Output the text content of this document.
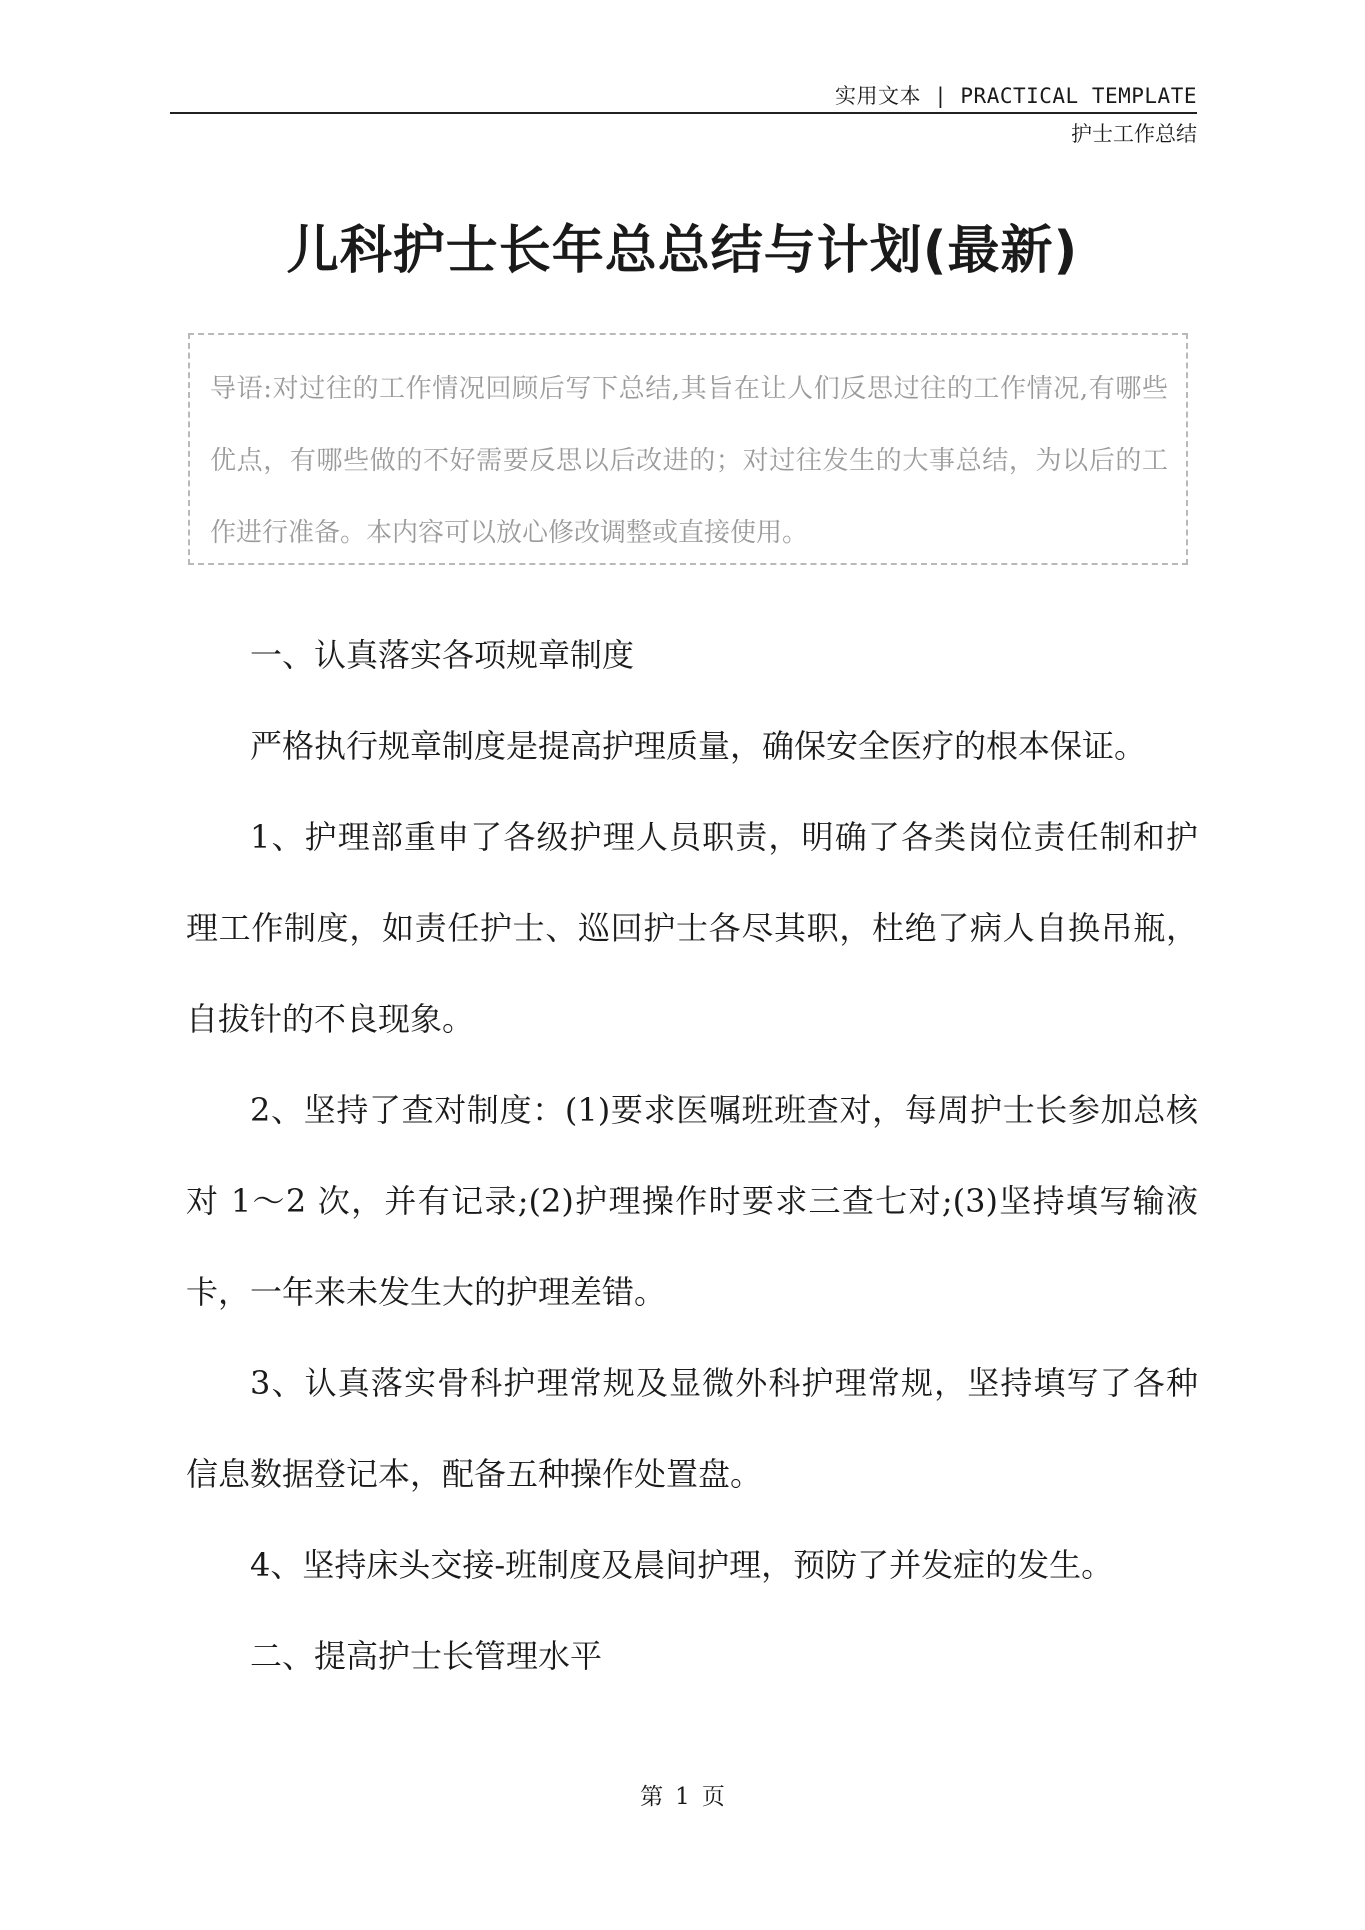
实用文本 | PRACTICAL TEMPLATE
护士工作总结
儿科护士长年总总结与计划(最新)
导语:对过往的工作情况回顾后写下总结,其旨在让人们反思过往的工作情况,有哪些优点，有哪些做的不好需要反思以后改进的；对过往发生的大事总结，为以后的工作进行准备。本内容可以放心修改调整或直接使用。

一、认真落实各项规章制度

严格执行规章制度是提高护理质量，确保安全医疗的根本保证。

1、护理部重申了各级护理人员职责，明确了各类岗位责任制和护理工作制度，如责任护士、巡回护士各尽其职，杜绝了病人自换吊瓶，自拔针的不良现象。

2、坚持了查对制度：(1)要求医嘱班班查对，每周护士长参加总核对 1～2 次，并有记录;(2)护理操作时要求三查七对;(3)坚持填写输液卡，一年来未发生大的护理差错。

3、认真落实骨科护理常规及显微外科护理常规，坚持填写了各种信息数据登记本，配备五种操作处置盘。

4、坚持床头交接-班制度及晨间护理，预防了并发症的发生。

二、提高护士长管理水平

第 1 页
